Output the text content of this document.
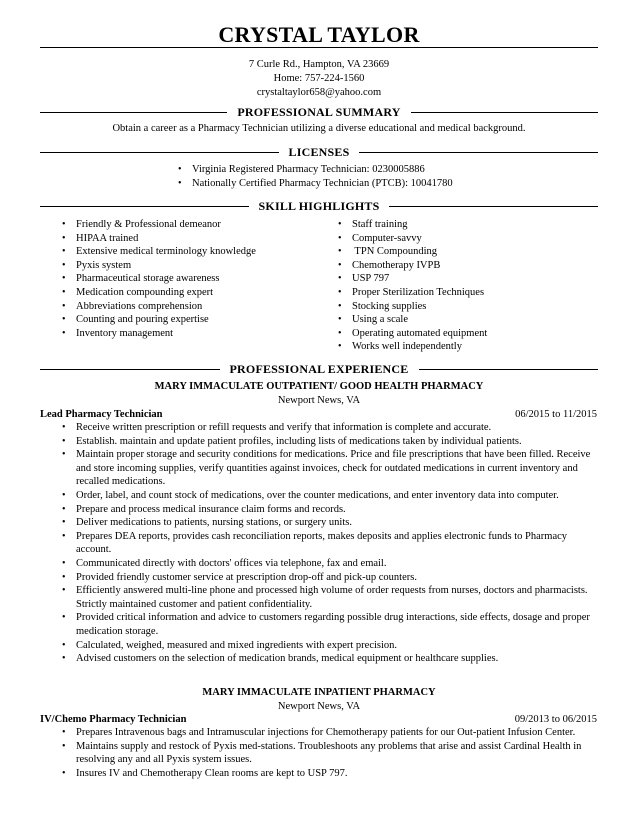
CRYSTAL TAYLOR
7 Curle Rd., Hampton, VA 23669
Home: 757-224-1560
crystaltaylor658@yahoo.com
PROFESSIONAL SUMMARY
Obtain a career as a Pharmacy Technician utilizing a diverse educational and medical background.
LICENSES
• Virginia Registered Pharmacy Technician: 0230005886
• Nationally Certified Pharmacy Technician (PTCB): 10041780
SKILL HIGHLIGHTS
• Friendly & Professional demeanor
• HIPAA trained
• Extensive medical terminology knowledge
• Pyxis system
• Pharmaceutical storage awareness
• Medication compounding expert
• Abbreviations comprehension
• Counting and pouring expertise
• Inventory management
• Staff training
• Computer-savvy
•  TPN Compounding
• Chemotherapy IVPB
• USP 797
• Proper Sterilization Techniques
• Stocking supplies
• Using a scale
• Operating automated equipment
• Works well independently
PROFESSIONAL EXPERIENCE
MARY IMMACULATE OUTPATIENT/ GOOD HEALTH PHARMACY
Newport News, VA
Lead Pharmacy Technician	06/2015 to 11/2015
• Receive written prescription or refill requests and verify that information is complete and accurate.
• Establish. maintain and update patient profiles, including lists of medications taken by individual patients.
• Maintain proper storage and security conditions for medications. Price and file prescriptions that have been filled. Receive and store incoming supplies, verify quantities against invoices, check for outdated medications in current inventory and recalled medications.
• Order, label, and count stock of medications, over the counter medications, and enter inventory data into computer.
• Prepare and process medical insurance claim forms and records.
• Deliver medications to patients, nursing stations, or surgery units.
• Prepares DEA reports, provides cash reconciliation reports, makes deposits and applies electronic funds to Pharmacy account.
• Communicated directly with doctors' offices via telephone, fax and email.
• Provided friendly customer service at prescription drop-off and pick-up counters.
• Efficiently answered multi-line phone and processed high volume of order requests from nurses, doctors and pharmacists. Strictly maintained customer and patient confidentiality.
• Provided critical information and advice to customers regarding possible drug interactions, side effects, dosage and proper medication storage.
• Calculated, weighed, measured and mixed ingredients with expert precision.
• Advised customers on the selection of medication brands, medical equipment or healthcare supplies.
MARY IMMACULATE INPATIENT PHARMACY
Newport News, VA
IV/Chemo Pharmacy Technician	09/2013 to 06/2015
• Prepares Intravenous bags and Intramuscular injections for Chemotherapy patients for our Out-patient Infusion Center.
• Maintains supply and restock of Pyxis med-stations. Troubleshoots any problems that arise and assist Cardinal Health in resolving any and all Pyxis system issues.
• Insures IV and Chemotherapy Clean rooms are kept to USP 797.
